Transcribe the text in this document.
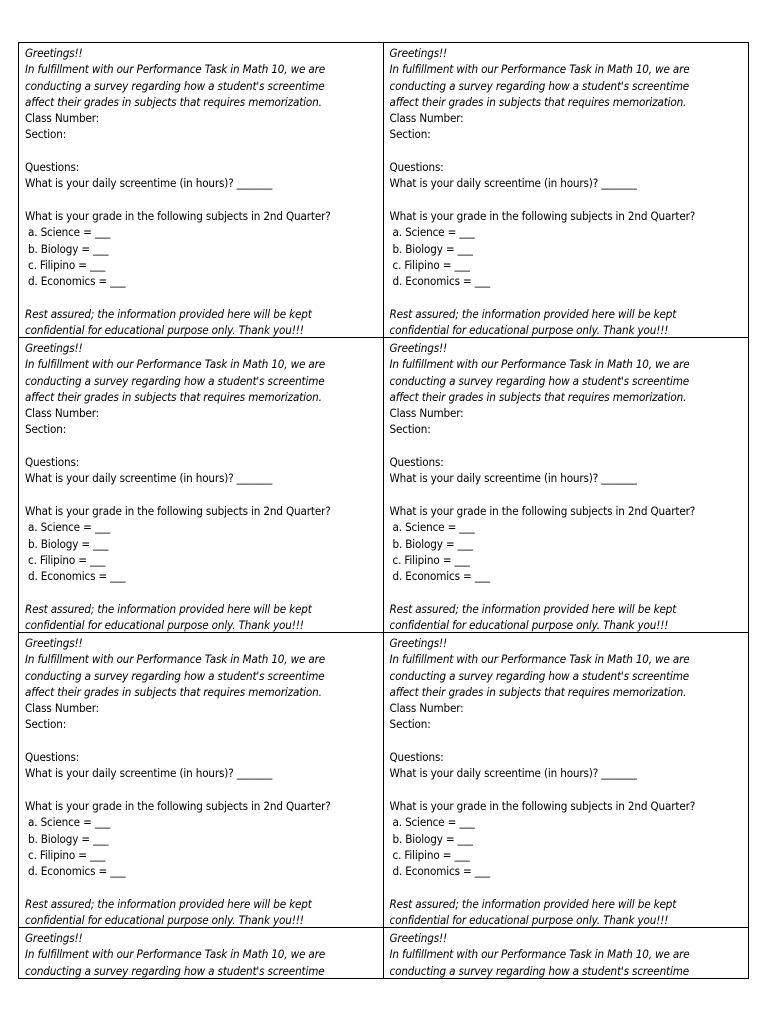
Greetings!!

In fulfillment with our Performance Task in Math 10, we are

conducting a survey regarding how a student's screentime

affect their grades in subjects that requires memorization.

Class Number:

Section:

Questions:

What is your daily screentime (in hours)? _______

What is your grade in the following subjects in 2nd Quarter?

a. Science = ___

b. Biology = ___

c. Filipino = ___

d. Economics = ___

Rest assured; the information provided here will be kept

confidential for educational purpose only. Thank you!!!

Greetings!!

In fulfillment with our Performance Task in Math 10, we are

conducting a survey regarding how a student's screentime

affect their grades in subjects that requires memorization.

Class Number:

Section:

Questions:

What is your daily screentime (in hours)? _______

What is your grade in the following subjects in 2nd Quarter?

a. Science = ___

b. Biology = ___

c. Filipino = ___

d. Economics = ___

Rest assured; the information provided here will be kept

confidential for educational purpose only. Thank you!!!

Greetings!!

In fulfillment with our Performance Task in Math 10, we are

conducting a survey regarding how a student's screentime

affect their grades in subjects that requires memorization.

Class Number:

Section:

Questions:

What is your daily screentime (in hours)? _______

What is your grade in the following subjects in 2nd Quarter?

a. Science = ___

b. Biology = ___

c. Filipino = ___

d. Economics = ___

Rest assured; the information provided here will be kept

confidential for educational purpose only. Thank you!!!

Greetings!!

In fulfillment with our Performance Task in Math 10, we are

conducting a survey regarding how a student's screentime

affect their grades in subjects that requires memorization.

Class Number:

Section:

Questions:

What is your daily screentime (in hours)? _______

What is your grade in the following subjects in 2nd Quarter?

a. Science = ___

b. Biology = ___

c. Filipino = ___

d. Economics = ___

Rest assured; the information provided here will be kept

confidential for educational purpose only. Thank you!!!

Greetings!!

In fulfillment with our Performance Task in Math 10, we are

conducting a survey regarding how a student's screentime

affect their grades in subjects that requires memorization.

Class Number:

Section:

Questions:

What is your daily screentime (in hours)? _______

What is your grade in the following subjects in 2nd Quarter?

a. Science = ___

b. Biology = ___

c. Filipino = ___

d. Economics = ___

Rest assured; the information provided here will be kept

confidential for educational purpose only. Thank you!!!

Greetings!!

In fulfillment with our Performance Task in Math 10, we are

conducting a survey regarding how a student's screentime

affect their grades in subjects that requires memorization.

Class Number:

Section:

Questions:

What is your daily screentime (in hours)? _______

What is your grade in the following subjects in 2nd Quarter?

a. Science = ___

b. Biology = ___

c. Filipino = ___

d. Economics = ___

Rest assured; the information provided here will be kept

confidential for educational purpose only. Thank you!!!

Greetings!!

In fulfillment with our Performance Task in Math 10, we are

conducting a survey regarding how a student's screentime

Greetings!!

In fulfillment with our Performance Task in Math 10, we are

conducting a survey regarding how a student's screentime
